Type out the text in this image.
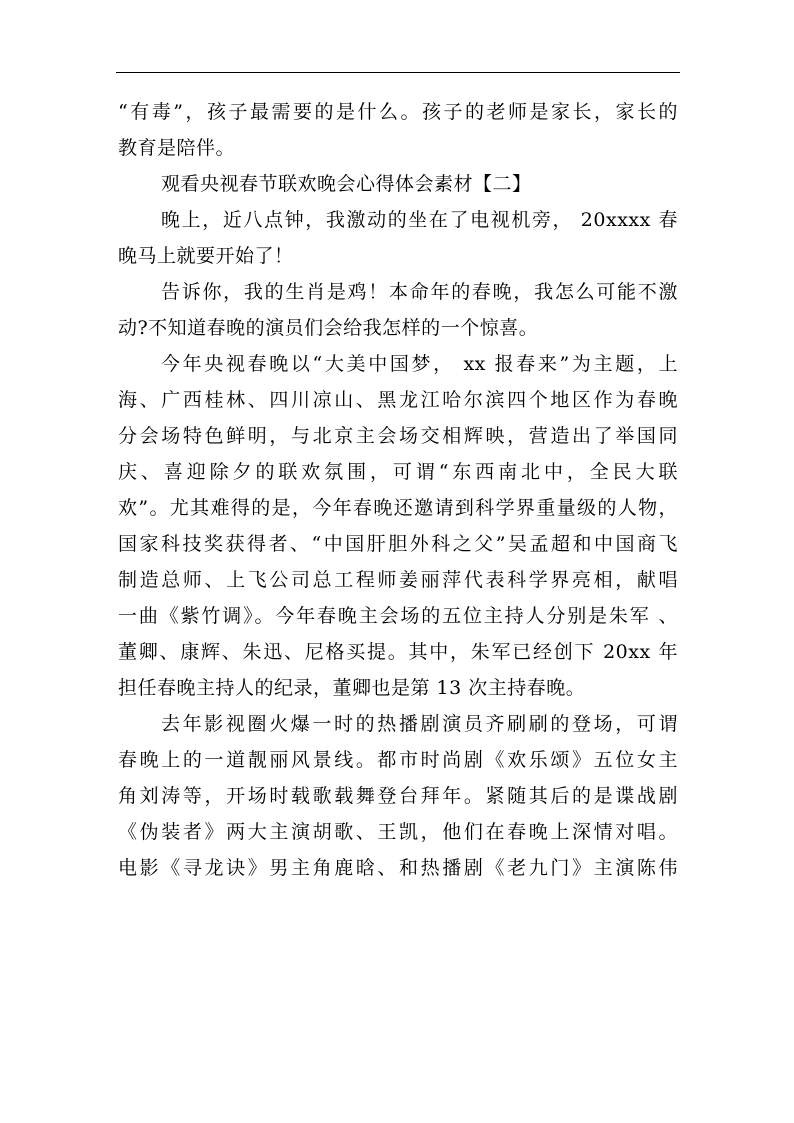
“有毒”，孩子最需要的是什么。孩子的老师是家长，家长的
教育是陪伴。
观看央视春节联欢晚会心得体会素材【二】
晚上，近八点钟，我激动的坐在了电视机旁， 20xxxx 春
晚马上就要开始了！
告诉你，我的生肖是鸡！本命年的春晚，我怎么可能不激
动?不知道春晚的演员们会给我怎样的一个惊喜。
今年央视春晚以“大美中国梦， xx 报春来”为主题，上
海、广西桂林、四川凉山、黑龙江哈尔滨四个地区作为春晚
分会场特色鲜明，与北京主会场交相辉映，营造出了举国同
庆、喜迎除夕的联欢氛围，可谓“东西南北中，全民大联
欢”。尤其难得的是，今年春晚还邀请到科学界重量级的人物，
国家科技奖获得者、“中国肝胆外科之父”吴孟超和中国商飞
制造总师、上飞公司总工程师姜丽萍代表科学界亮相，献唱
一曲《紫竹调》。今年春晚主会场的五位主持人分别是朱军 、
董卿、康辉、朱迅、尼格买提。其中，朱军已经创下 20xx 年
担任春晚主持人的纪录，董卿也是第 13 次主持春晚。
去年影视圈火爆一时的热播剧演员齐刷刷的登场，可谓
春晚上的一道靓丽风景线。都市时尚剧《欢乐颂》五位女主
角刘涛等，开场时载歌载舞登台拜年。紧随其后的是谍战剧
《伪装者》两大主演胡歌、王凯，他们在春晚上深情对唱。
电影《寻龙诀》男主角鹿晗、和热播剧《老九门》主演陈伟
